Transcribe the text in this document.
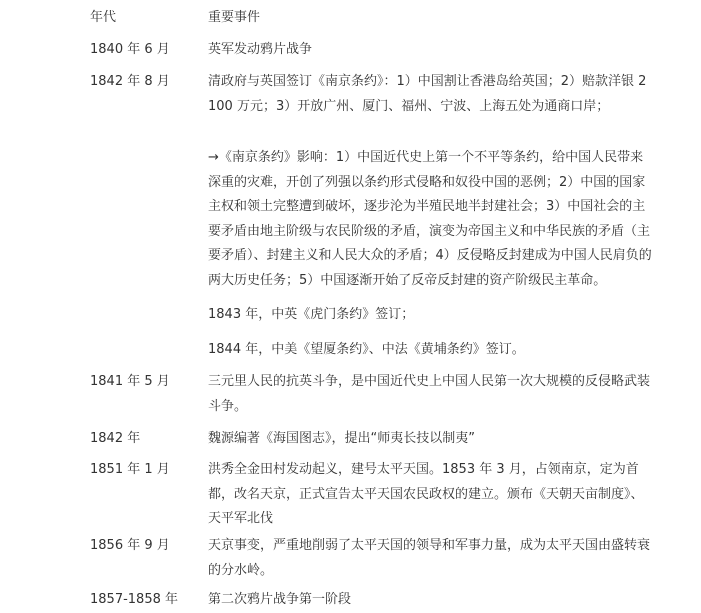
年代	重要事件
1840 年 6 月	英军发动鸦片战争
1842 年 8 月	清政府与英国签订《南京条约》：1）中国割让香港岛给英国；2）赔款洋银 2100 万元；3）开放广州、厦门、福州、宁波、上海五处为通商口岸；
→《南京条约》影响：1）中国近代史上第一个不平等条约，给中国人民带来深重的灾难，开创了列强以条约形式侵略和奴役中国的恶例；2）中国的国家主权和领土完整遭到破坏，逐步沦为半殖民地半封建社会；3）中国社会的主要矛盾由地主阶级与农民阶级的矛盾，演变为帝国主义和中华民族的矛盾（主要矛盾）、封建主义和人民大众的矛盾；4）反侵略反封建成为中国人民肩负的两大历史任务；5）中国逐渐开始了反帝反封建的资产阶级民主革命。
1843 年，中英《虎门条约》签订；
1844 年，中美《望厦条约》、中法《黄埔条约》签订。
1841 年 5 月	三元里人民的抗英斗争，是中国近代史上中国人民第一次大规模的反侵略武装斗争。
1842 年	魏源编著《海国图志》，提出“师夷长技以制夷”
1851 年 1 月	洪秀全金田村发动起义，建号太平天国。1853 年 3 月，占领南京，定为首都，改名天京，正式宣告太平天国农民政权的建立。颁布《天朝天亩制度》、天平军北伐
1856 年 9 月	天京事变，严重地削弱了太平天国的领导和军事力量，成为太平天国由盛转衰的分水岭。
1857-1858 年 第二次鸦片战争第一阶段
